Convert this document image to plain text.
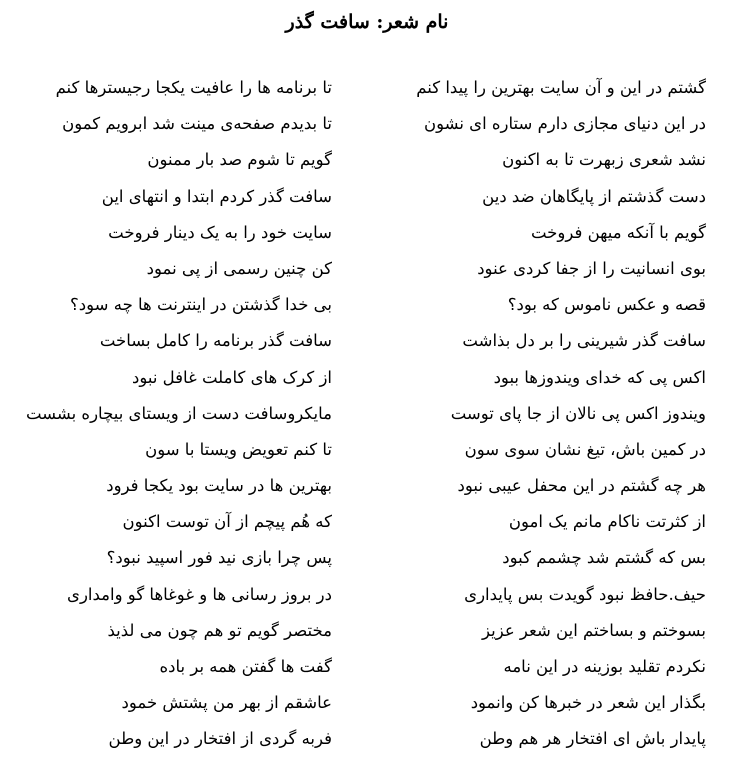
نام شعر: سافت گذر
گشتم در این و آن سایت بهترین را پیدا کنم
تا برنامه ها را عافیت یکجا رجیسترها کنم
در این دنیای مجازی دارم ستاره ای نشون
تا بدیدم صفحه‌ی مینت شد ابرویم کمون
نشد شعری زبهرت تا به اکنون
گویم تا شوم صد بار ممنون
دست گذشتم از پایگاهان ضد دین
سافت گذر کردم ابتدا و انتهای این
گویم با آنکه میهن فروخت
سایت خود را به یک دینار فروخت
بوی انسانیت را از جفا کردی عنود
کن چنین رسمی از پی نمود
قصه و عکس ناموس که بود؟
بی خدا گذشتن در اینترنت ها چه سود؟
سافت گذر شیرینی را بر دل بذاشت
سافت گذر برنامه را کامل بساخت
اکس پی که خدای ویندوزها ببود
از کرک های کاملت غافل نبود
ویندوز اکس پی نالان از جا پای توست
مایکروسافت دست از ویستای بیچاره بشست
در کمین باش، تیغ نشان سوی سون
تا کنم تعویض ویستا با سون
هر چه گشتم در این محفل عیبی نبود
بهترین ها در سایت بود یکجا فرود
از کثرتت ناکام مانم یک امون
که هُم پیچم از آن توست اکنون
بس که گشتم شد چشمم کبود
پس چرا بازی نید فور اسپید نبود؟
حیف.حافظ نبود گویدت بس پایداری
در بروز رسانی ها و غوغاها گو وامداری
بسوختم و بساختم این شعر عزیز
مختصر گویم تو هم چون می لذیذ
نکردم تقلید بوزینه در این نامه
گفت ها گفتن همه بر باده
بگذار این شعر در خبرها کن وانمود
عاشقم از بهر من پشتش خمود
پایدار باش ای افتخار هر هم وطن
فربه گردی از افتخار در این وطن
